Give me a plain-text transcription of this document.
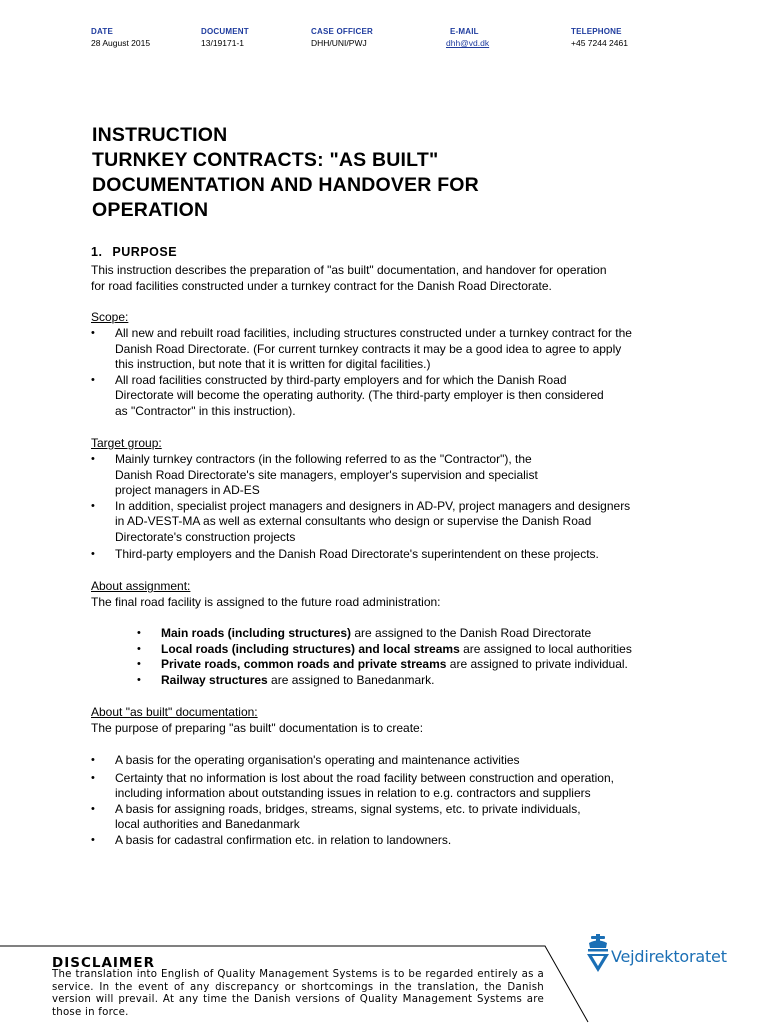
DATE
28 August 2015
DOCUMENT
13/19171-1
CASE OFFICER
DHH/UNI/PWJ
E-MAIL
dhh@vd.dk
TELEPHONE
+45 7244 2461
INSTRUCTION
TURNKEY CONTRACTS: "AS BUILT"
DOCUMENTATION AND HANDOVER FOR
OPERATION
1. PURPOSE
This instruction describes the preparation of "as built" documentation, and handover for operation
for road facilities constructed under a turnkey contract for the Danish Road Directorate.
Scope:
• All new and rebuilt road facilities, including structures constructed under a turnkey contract for the
Danish Road Directorate. (For current turnkey contracts it may be a good idea to agree to apply
this instruction, but note that it is written for digital facilities.)
• All road facilities constructed by third-party employers and for which the Danish Road
Directorate will become the operating authority. (The third-party employer is then considered
as "Contractor" in this instruction).
Target group:
• Mainly turnkey contractors (in the following referred to as the "Contractor"), the
Danish Road Directorate's site managers, employer's supervision and specialist
project managers in AD-ES
• In addition, specialist project managers and designers in AD-PV, project managers and designers
in AD-VEST-MA as well as external consultants who design or supervise the Danish Road
Directorate's construction projects
• Third-party employers and the Danish Road Directorate's superintendent on these projects.
About assignment:
The final road facility is assigned to the future road administration:
• Main roads (including structures) are assigned to the Danish Road Directorate
• Local roads (including structures) and local streams are assigned to local authorities
• Private roads, common roads and private streams are assigned to private individual.
• Railway structures are assigned to Banedanmark.
About "as built" documentation:
The purpose of preparing "as built" documentation is to create:
• A basis for the operating organisation's operating and maintenance activities
• Certainty that no information is lost about the road facility between construction and operation,
including information about outstanding issues in relation to e.g. contractors and suppliers
• A basis for assigning roads, bridges, streams, signal systems, etc. to private individuals,
local authorities and Banedanmark
• A basis for cadastral confirmation etc. in relation to landowners.
DISCLAIMER
The translation into English of Quality Management Systems is to be regarded entirely as a service. In the event of any discrepancy or shortcomings in the translation, the Danish version will prevail. At any time the Danish versions of Quality Management Systems are those in force.
Vejdirektoratet
